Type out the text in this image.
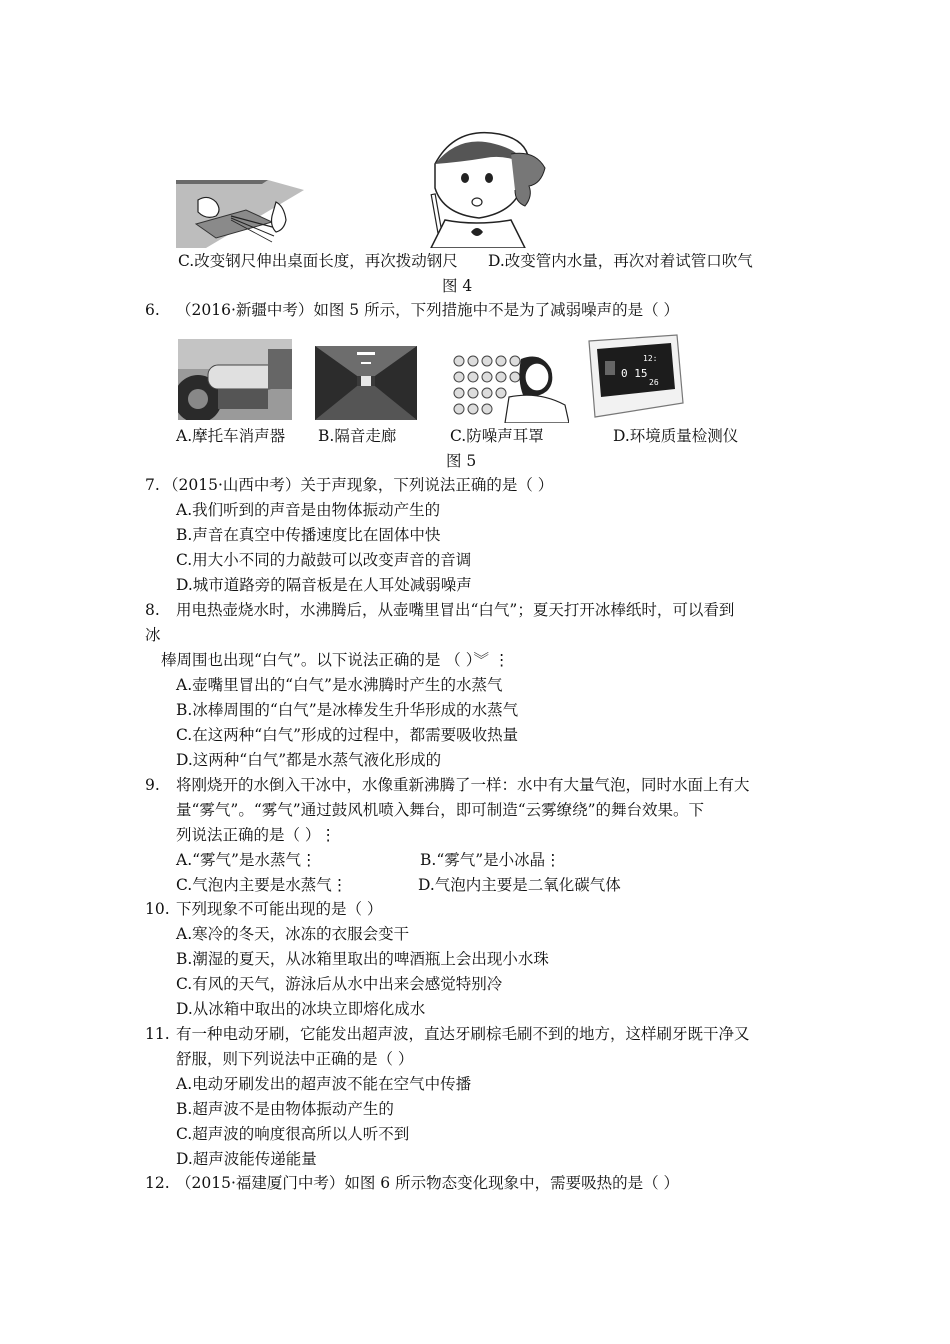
C.改变钢尺伸出桌面长度，再次拨动钢尺 D.改变管内水量，再次对着试管口吹气
图 4
6. （2016·新疆中考）如图 5 所示，下列措施中不是为了减弱噪声的是（ ）
12:
0 15
26
A.摩托车消声器 B.隔音走廊	C.防噪声耳罩	D.环境质量检测仪
图 5
7. （2015·山西中考）关于声现象，下列说法正确的是（ ）
A.我们听到的声音是由物体振动产生的
B.声音在真空中传播速度比在固体中快
C.用大小不同的力敲鼓可以改变声音的音调
D.城市道路旁的隔音板是在人耳处减弱噪声
8. 用电热壶烧水时，水沸腾后，从壶嘴里冒出“白气”；夏天打开冰棒纸时，可以看到
冰
棒周围也出现“白气”。以下说法正确的是 （ ）︾ ⋮
A.壶嘴里冒出的“白气”是水沸腾时产生的水蒸气
B.冰棒周围的“白气”是冰棒发生升华形成的水蒸气
C.在这两种“白气”形成的过程中，都需要吸收热量
D.这两种“白气”都是水蒸气液化形成的
9. 将刚烧开的水倒入干冰中，水像重新沸腾了一样：水中有大量气泡，同时水面上有大
量“雾气”。“雾气”通过鼓风机喷入舞台，即可制造“云雾缭绕”的舞台效果。下
列说法正确的是（ ）⋮
A.“雾气”是水蒸气⋮	B.“雾气”是小冰晶⋮
C.气泡内主要是水蒸气⋮	D.气泡内主要是二氧化碳气体
10. 下列现象不可能出现的是（ ）
A.寒冷的冬天，冰冻的衣服会变干
B.潮湿的夏天，从冰箱里取出的啤酒瓶上会出现小水珠
C.有风的天气，游泳后从水中出来会感觉特别冷
D.从冰箱中取出的冰块立即熔化成水
11. 有一种电动牙刷，它能发出超声波，直达牙刷棕毛刷不到的地方，这样刷牙既干净又
舒服，则下列说法中正确的是（ ）
A.电动牙刷发出的超声波不能在空气中传播
B.超声波不是由物体振动产生的
C.超声波的响度很高所以人听不到
D.超声波能传递能量
12. （2015·福建厦门中考）如图 6 所示物态变化现象中，需要吸热的是（ ）
